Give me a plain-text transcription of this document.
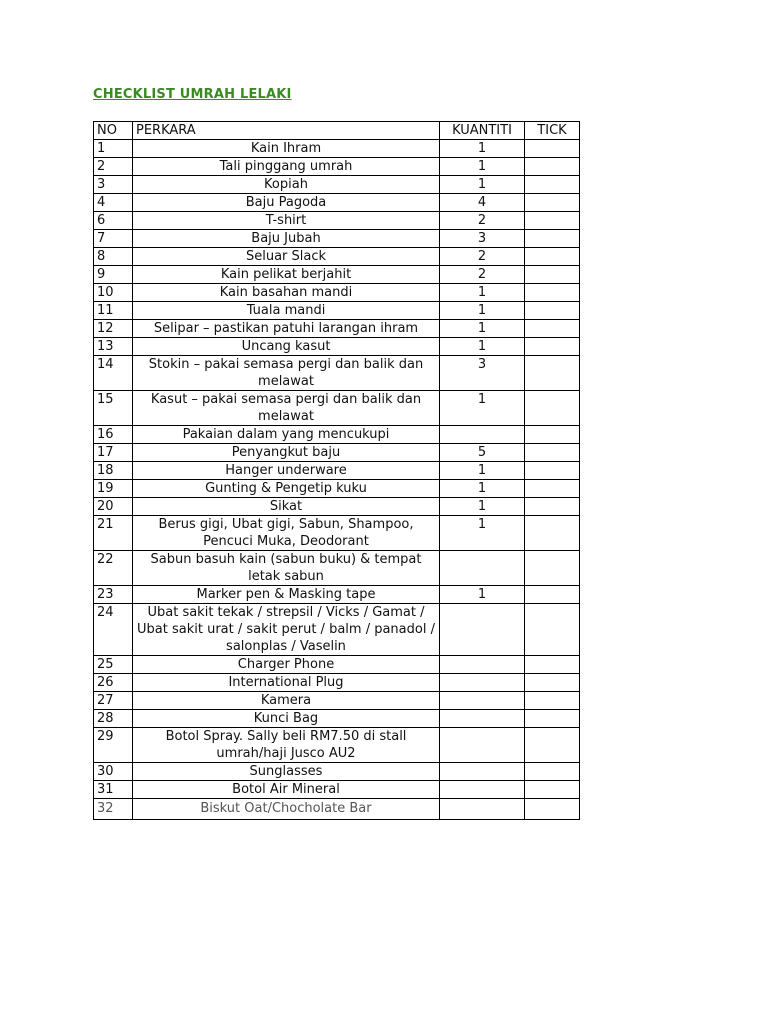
CHECKLIST UMRAH LELAKI
NO	PERKARA	KUANTITI	TICK
1	Kain Ihram	1	
2	Tali pinggang umrah	1	
3	Kopiah	1	
4	Baju Pagoda	4	
6	T-shirt	2	
7	Baju Jubah	3	
8	Seluar Slack	2	
9	Kain pelikat berjahit	2	
10	Kain basahan mandi	1	
11	Tuala mandi	1	
12	Selipar – pastikan patuhi larangan ihram	1	
13	Uncang kasut	1	
14	Stokin – pakai semasa pergi dan balik dan melawat	3	
15	Kasut – pakai semasa pergi dan balik dan melawat	1	
16	Pakaian dalam yang mencukupi		
17	Penyangkut baju	5	
18	Hanger underware	1	
19	Gunting & Pengetip kuku	1	
20	Sikat	1	
21	Berus gigi, Ubat gigi, Sabun, Shampoo, Pencuci Muka, Deodorant	1	
22	Sabun basuh kain (sabun buku) & tempat letak sabun		
23	Marker pen & Masking tape	1	
24	Ubat sakit tekak / strepsil / Vicks / Gamat / Ubat sakit urat / sakit perut / balm / panadol / salonplas / Vaselin		
25	Charger Phone		
26	International Plug		
27	Kamera		
28	Kunci Bag		
29	Botol Spray. Sally beli RM7.50 di stall umrah/haji Jusco AU2		
30	Sunglasses		
31	Botol Air Mineral		
32	Biskut Oat/Chocholate Bar		
